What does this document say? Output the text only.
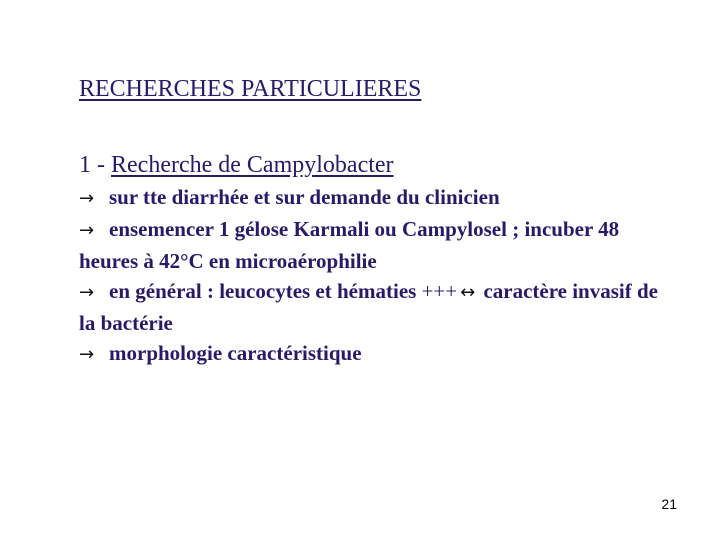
RECHERCHES PARTICULIERES
1 - Recherche de Campylobacter
→ sur tte diarrhée et sur demande du clinicien
→ ensemencer 1 gélose Karmali ou Campylosel ; incuber 48 heures à 42°C en microaérophilie
→ en général : leucocytes et hématies +++ ↔ caractère invasif de la bactérie
→ morphologie caractéristique
21
